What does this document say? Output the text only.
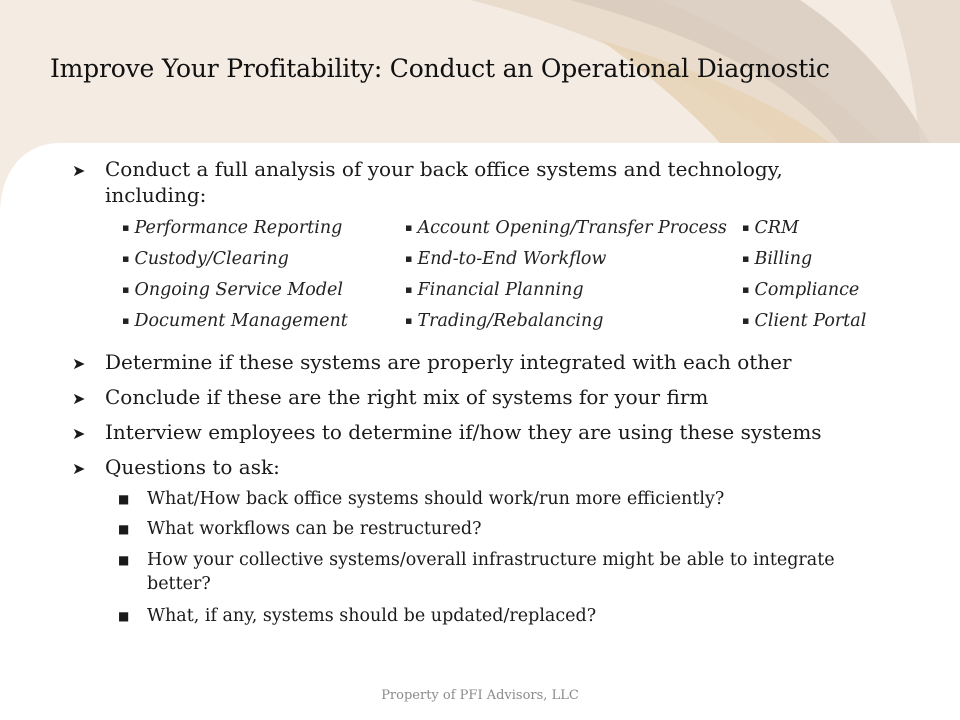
Improve Your Profitability: Conduct an Operational Diagnostic
➤ Conduct a full analysis of your back office systems and technology, including:
▪ Performance Reporting	▪ Account Opening/Transfer Process ▪ CRM
▪ Custody/Clearing	▪ End-to-End Workflow	▪ Billing
▪ Ongoing Service Model	▪ Financial Planning	▪ Compliance
▪ Document Management	▪ Trading/Rebalancing	▪ Client Portal
➤ Determine if these systems are properly integrated with each other
➤ Conclude if these are the right mix of systems for your firm
➤ Interview employees to determine if/how they are using these systems
➤ Questions to ask:
■ What/How back office systems should work/run more efficiently?
■ What workflows can be restructured?
■ How your collective systems/overall infrastructure might be able to integrate better?
■ What, if any, systems should be updated/replaced?
Property of PFI Advisors, LLC
